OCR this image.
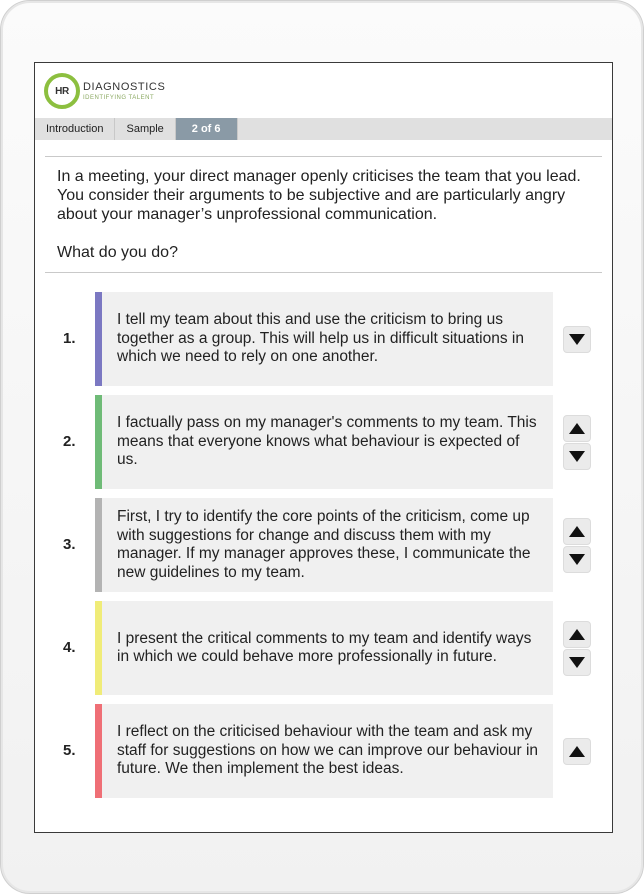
HR DIAGNOSTICS
IDENTIFYING TALENT
Introduction	Sample	2 of 6

In a meeting, your direct manager openly criticises the team that you lead. You consider their arguments to be subjective and are particularly angry about your manager’s unprofessional communication.

What do you do?

1.
I tell my team about this and use the criticism to bring us together as a group. This will help us in difficult situations in which we need to rely on one another.
2.
I factually pass on my manager's comments to my team. This means that everyone knows what behaviour is expected of us.
3.
First, I try to identify the core points of the criticism, come up with suggestions for change and discuss them with my manager. If my manager approves these, I communicate the new guidelines to my team.
4.
I present the critical comments to my team and identify ways in which we could behave more professionally in future.
5.
I reflect on the criticised behaviour with the team and ask my staff for suggestions on how we can improve our behaviour in future. We then implement the best ideas.
